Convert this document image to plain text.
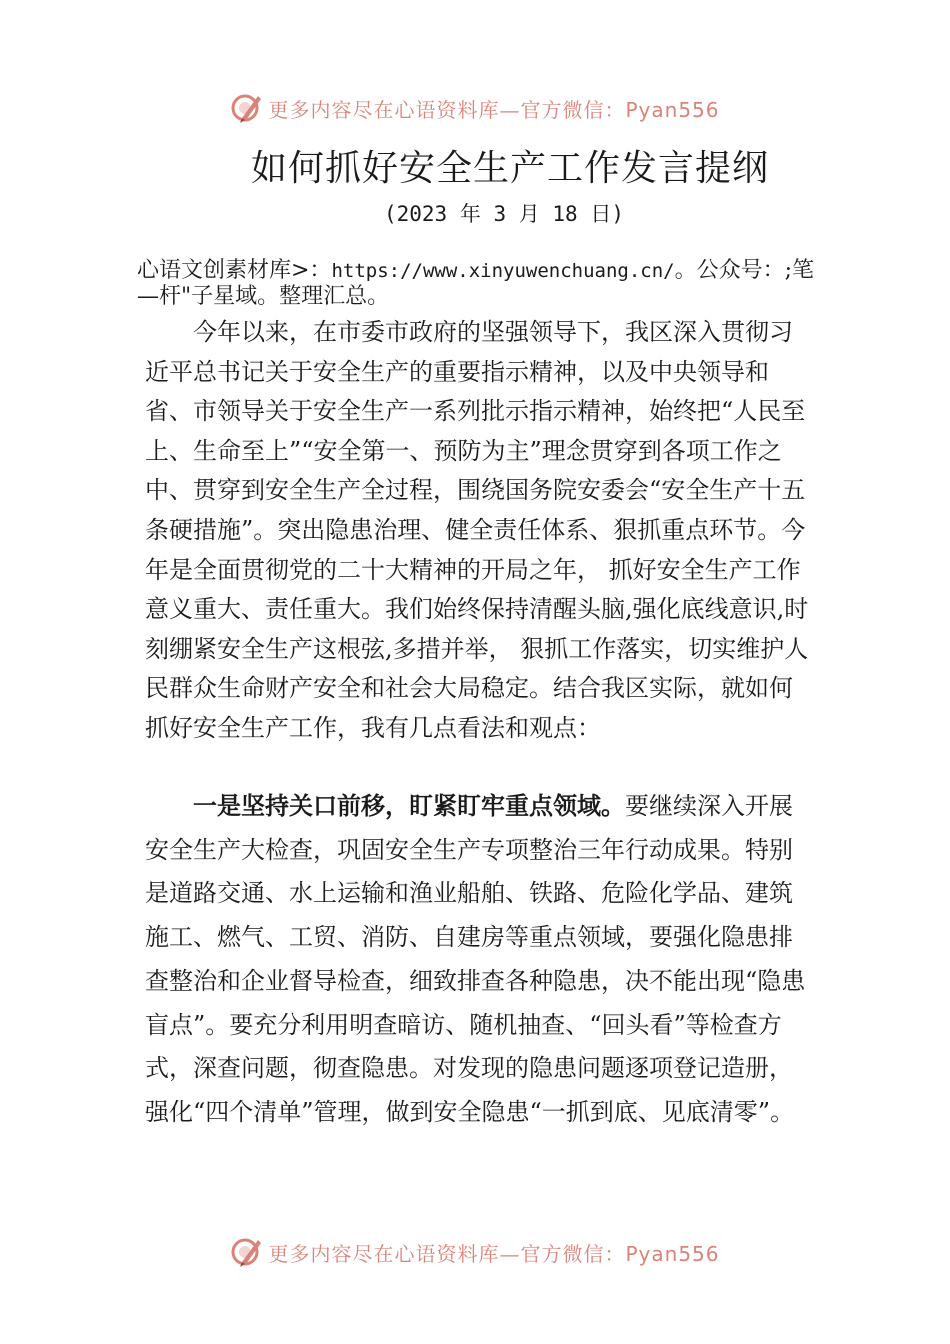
更多内容尽在心语资料库—官方微信：Pyan556
如何抓好安全生产工作发言提纲
(2023 年 3 月 18 日)

心语文创素材库>：https://www.xinyuwenchuang.cn/。公众号：;笔—杆"子星域。整理汇总。

今年以来，在市委市政府的坚强领导下，我区深入贯彻习近平总书记关于安全生产的重要指示精神，以及中央领导和省、市领导关于安全生产一系列批示指示精神，始终把“人民至上、生命至上”“安全第一、预防为主”理念贯穿到各项工作之中、贯穿到安全生产全过程，围绕国务院安委会“安全生产十五条硬措施”。突出隐患治理、健全责任体系、狠抓重点环节。今年是全面贯彻党的二十大精神的开局之年， 抓好安全生产工作意义重大、责任重大。我们始终保持清醒头脑,强化底线意识,时刻绷紧安全生产这根弦,多措并举， 狠抓工作落实，切实维护人民群众生命财产安全和社会大局稳定。结合我区实际，就如何抓好安全生产工作，我有几点看法和观点：

一是坚持关口前移，盯紧盯牢重点领域。要继续深入开展安全生产大检查，巩固安全生产专项整治三年行动成果。特别是道路交通、水上运输和渔业船舶、铁路、危险化学品、建筑施工、燃气、工贸、消防、自建房等重点领域，要强化隐患排查整治和企业督导检查，细致排查各种隐患，决不能出现“隐患盲点”。要充分利用明查暗访、随机抽查、“回头看”等检查方式，深查问题，彻查隐患。对发现的隐患问题逐项登记造册，强化“四个清单”管理，做到安全隐患“一抓到底、见底清零”。

更多内容尽在心语资料库—官方微信：Pyan556
